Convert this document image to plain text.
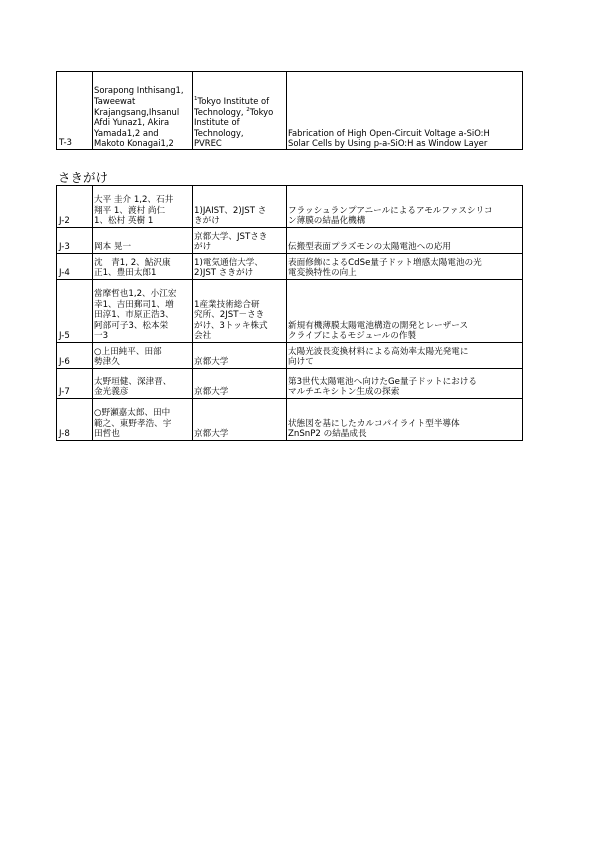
T-3	Sorapong Inthisang1,
Taweewat
Krajangsang,Ihsanul
Afdi Yunaz1, Akira
Yamada1,2 and
Makoto Konagai1,2	$^1$Tokyo Institute of
Technology, $^2$Tokyo
Institute of
Technology,
PVREC	Fabrication of High Open-Circuit Voltage a-SiO:H
Solar Cells by Using p-a-SiO:H as Window Layer
さきがけ
J-2	大平 圭介 1,2、石井
翔平 1、渡村 尚仁
1、松村 英樹 1	1)JAIST、2)JST さ
きがけ	フラッシュランプアニールによるアモルファスシリコ
ン薄膜の結晶化機構
J-3	岡本 晃一	京都大学、JSTさき
がけ	伝搬型表面プラズモンの太陽電池への応用
J-4	沈　青1, 2、鮎沢康
正1、豊田太郎1	1)電気通信大学、
2)JST さきがけ	表面修飾によるCdSe量子ドット増感太陽電池の光
電変換特性の向上
J-5	當摩哲也1,2、小江宏
幸1、吉田郵司1、増
田淳1、市原正浩3、
阿部可子3、松本栄
一3	1産業技術総合研
究所、2JST－さき
がけ、3トッキ株式
会社	新規有機薄膜太陽電池構造の開発とレーザース
クライブによるモジュールの作製
J-6	○上田純平、田部
勢津久	京都大学	太陽光波長変換材料による高効率太陽光発電に
向けて
J-7	太野垣健、深津晋、
金光義彦	京都大学	第3世代太陽電池へ向けたGe量子ドットにおける
マルチエキシトン生成の探索
J-8	○野瀬嘉太郎、田中
範之、東野孝浩、宇
田哲也	京都大学	状態図を基にしたカルコパイライト型半導体
ZnSnP2 の結晶成長
